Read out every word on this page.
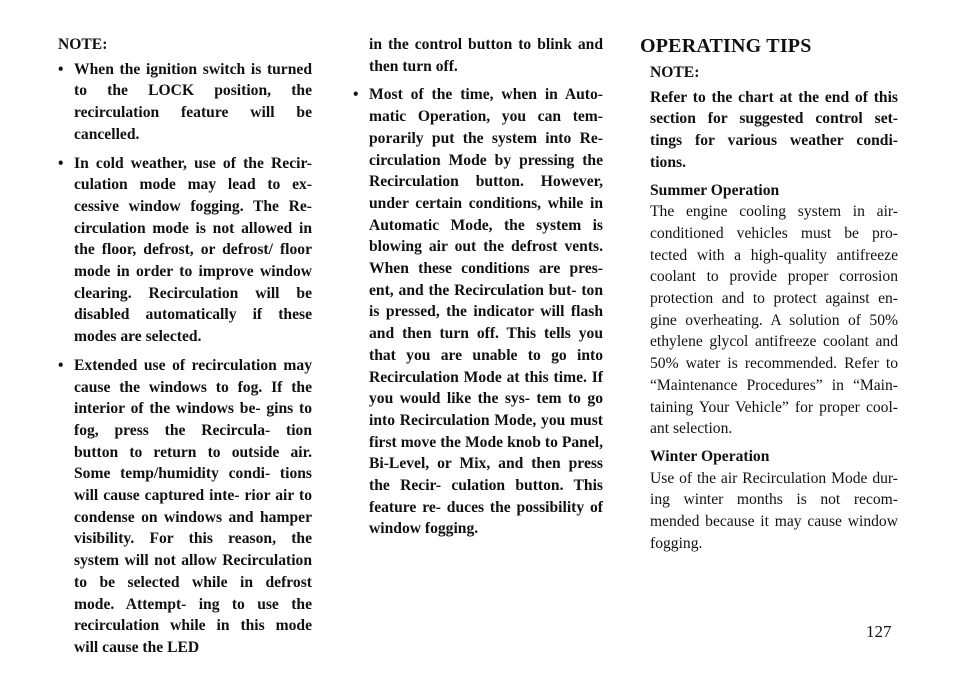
NOTE:
• When the ignition switch is turned to the LOCK position, the recirculation feature will be cancelled.
• In cold weather, use of the Recir- culation mode may lead to ex- cessive window fogging. The Re- circulation mode is not allowed in the floor, defrost, or defrost/ floor mode in order to improve window clearing. Recirculation will be disabled automatically if these modes are selected.
• Extended use of recirculation may cause the windows to fog. If the interior of the windows be- gins to fog, press the Recircula- tion button to return to outside air. Some temp/humidity condi- tions will cause captured inte- rior air to condense on windows and hamper visibility. For this reason, the system will not allow Recirculation to be selected while in defrost mode. Attempt- ing to use the recirculation while in this mode will cause the LED
in the control button to blink and then turn off.
• Most of the time, when in Auto- matic Operation, you can tem- porarily put the system into Re- circulation Mode by pressing the Recirculation button. However, under certain conditions, while in Automatic Mode, the system is blowing air out the defrost vents. When these conditions are pres- ent, and the Recirculation but- ton is pressed, the indicator will flash and then turn off. This tells you that you are unable to go into Recirculation Mode at this time. If you would like the sys- tem to go into Recirculation Mode, you must first move the Mode knob to Panel, Bi-Level, or Mix, and then press the Recir- culation button. This feature re- duces the possibility of window fogging.
OPERATING TIPS
NOTE:

Refer to the chart at the end of this section for suggested control set- tings for various weather condi- tions.

Summer Operation

The engine cooling system in air- conditioned vehicles must be pro- tected with a high-quality antifreeze coolant to provide proper corrosion protection and to protect against en- gine overheating. A solution of 50% ethylene glycol antifreeze coolant and 50% water is recommended. Refer to “Maintenance Procedures” in “Main- taining Your Vehicle” for proper cool- ant selection.

Winter Operation

Use of the air Recirculation Mode dur- ing winter months is not recom- mended because it may cause window fogging.

127
